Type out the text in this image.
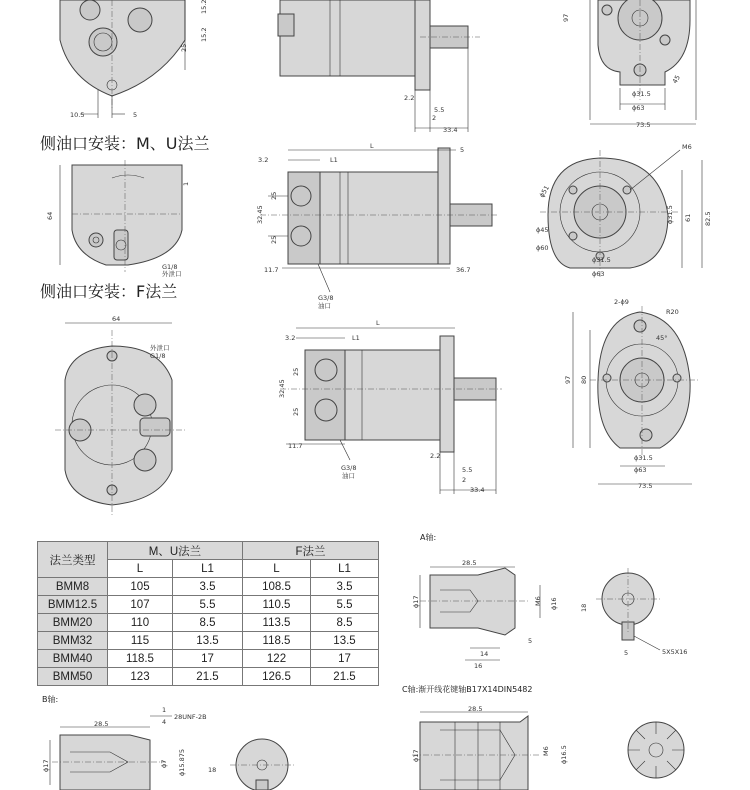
10.5	5
15.2
15.2
25
2.2
5.5
2
33.4
97
45
ϕ31.5
ϕ63
73.5
侧油口安装：M、U法兰
64
1
G1/8
外泄口
L
L1
3.2
5
32.45
25
25
11.7	36.7
G3/8
油口
M6
ϕ51
ϕ45
ϕ60
ϕ31.5 61 82.5
ϕ31.5
ϕ63
侧油口安装：F法兰
64
外泄口
G1/8
3.2	L1
L
32.45
25
25
11.7
G3/8
油口
2.2
5.5
2
33.4
2-ϕ9
R20
97 80
45°
ϕ31.5
ϕ63
73.5
A轴:
28.5
ϕ17	M6 ϕ16
5
14
16
18
5	5X5X16
C轴:渐开线花键轴B17X14DIN5482
28.5
ϕ17	M6 ϕ16.5
B轴:
28.5
28UNF-2B
1
4
ϕ17	ϕ7 ϕ15.875	18
法兰类型	M、U法兰		F法兰	
	L	L1	L	L1
BMM8	105	3.5	108.5	3.5
BMM12.5	107	5.5	110.5	5.5
BMM20	110	8.5	113.5	8.5
BMM32	115	13.5	118.5	13.5
BMM40	118.5	17	122	17
BMM50	123	21.5	126.5	21.5
